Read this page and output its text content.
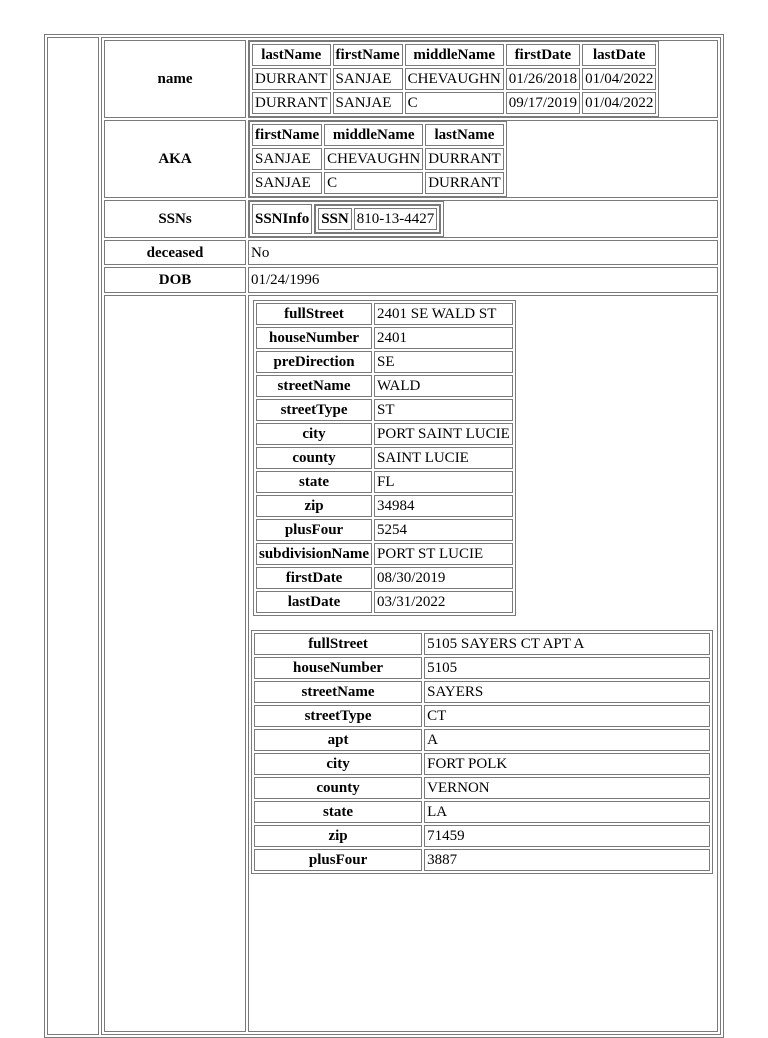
name	
lastName	firstName	middleName	firstDate	lastDate
DURRANT	SANJAE	CHEVAUGHN	01/26/2018	01/04/2022
DURRANT	SANJAE	C	09/17/2019	01/04/2022

AKA	
firstName	middleName	lastName
SANJAE	CHEVAUGHN	DURRANT
SANJAE	C	DURRANT

SSNs		SSNInfo	SSN	810-13-4427

deceased	No
DOB	01/24/1996

fullStreet	2401 SE WALD ST
houseNumber	2401
preDirection	SE
streetName	WALD
streetType	ST
city	PORT SAINT LUCIE
county	SAINT LUCIE
state	FL
zip	34984
plusFour	5254
subdivisionName	PORT ST LUCIE
firstDate	08/30/2019
lastDate	03/31/2022
fullStreet	5105 SAYERS CT APT A
houseNumber	5105
streetName	SAYERS
streetType	CT
apt	A
city	FORT POLK
county	VERNON
state	LA
zip	71459
plusFour	3887
